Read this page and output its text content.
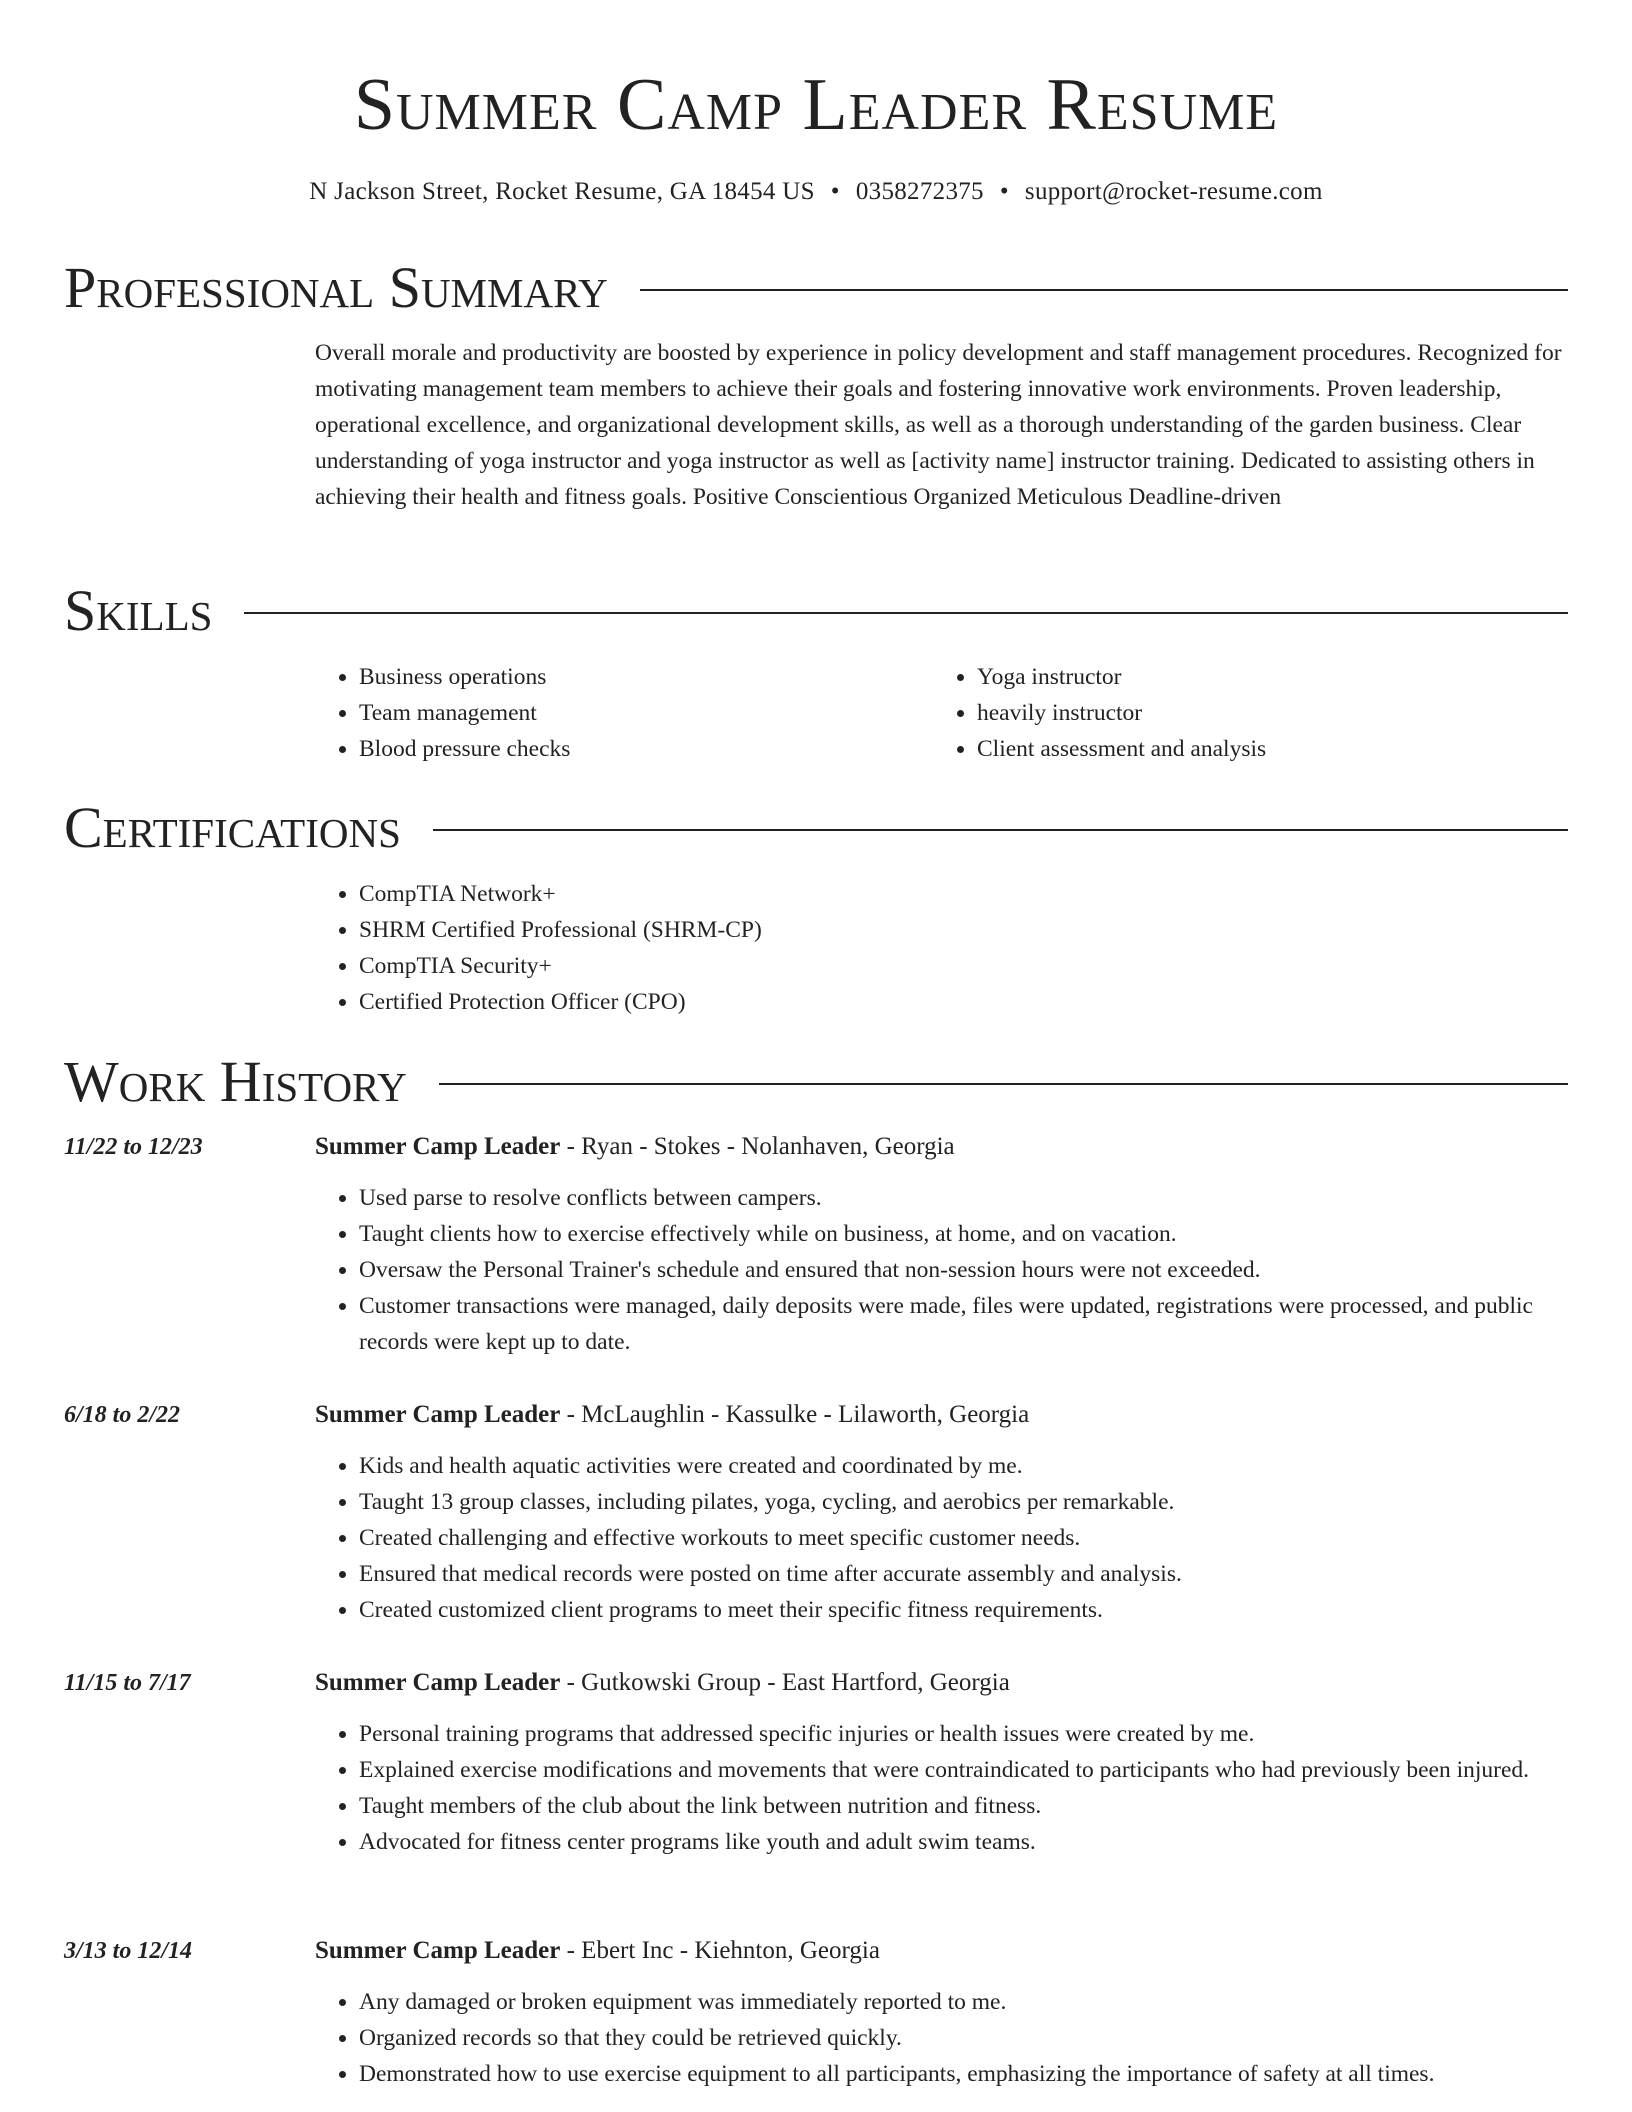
Summer Camp Leader Resume
N Jackson Street, Rocket Resume, GA 18454 US • 0358272375 • support@rocket-resume.com
Professional Summary

Overall morale and productivity are boosted by experience in policy development and staff management procedures. Recognized for motivating management team members to achieve their goals and fostering innovative work environments. Proven leadership, operational excellence, and organizational development skills, as well as a thorough understanding of the garden business. Clear understanding of yoga instructor and yoga instructor as well as [activity name] instructor training. Dedicated to assisting others in achieving their health and fitness goals. Positive Conscientious Organized Meticulous Deadline-driven

Skills
• Business operations
• Team management
• Blood pressure checks
• Yoga instructor
• heavily instructor
• Client assessment and analysis
Certifications
• CompTIA Network+
• SHRM Certified Professional (SHRM-CP)
• CompTIA Security+
• Certified Protection Officer (CPO)
Work History
11/22 to 12/23	Summer Camp Leader - Ryan - Stokes - Nolanhaven, Georgia
• Used parse to resolve conflicts between campers.
• Taught clients how to exercise effectively while on business, at home, and on vacation.
• Oversaw the Personal Trainer's schedule and ensured that non-session hours were not exceeded.
• Customer transactions were managed, daily deposits were made, files were updated, registrations were processed, and public records were kept up to date.
6/18 to 2/22	Summer Camp Leader - McLaughlin - Kassulke - Lilaworth, Georgia
• Kids and health aquatic activities were created and coordinated by me.
• Taught 13 group classes, including pilates, yoga, cycling, and aerobics per remarkable.
• Created challenging and effective workouts to meet specific customer needs.
• Ensured that medical records were posted on time after accurate assembly and analysis.
• Created customized client programs to meet their specific fitness requirements.
11/15 to 7/17	Summer Camp Leader - Gutkowski Group - East Hartford, Georgia
• Personal training programs that addressed specific injuries or health issues were created by me.
• Explained exercise modifications and movements that were contraindicated to participants who had previously been injured.
• Taught members of the club about the link between nutrition and fitness.
• Advocated for fitness center programs like youth and adult swim teams.
3/13 to 12/14	Summer Camp Leader - Ebert Inc - Kiehnton, Georgia
• Any damaged or broken equipment was immediately reported to me.
• Organized records so that they could be retrieved quickly.
• Demonstrated how to use exercise equipment to all participants, emphasizing the importance of safety at all times.
